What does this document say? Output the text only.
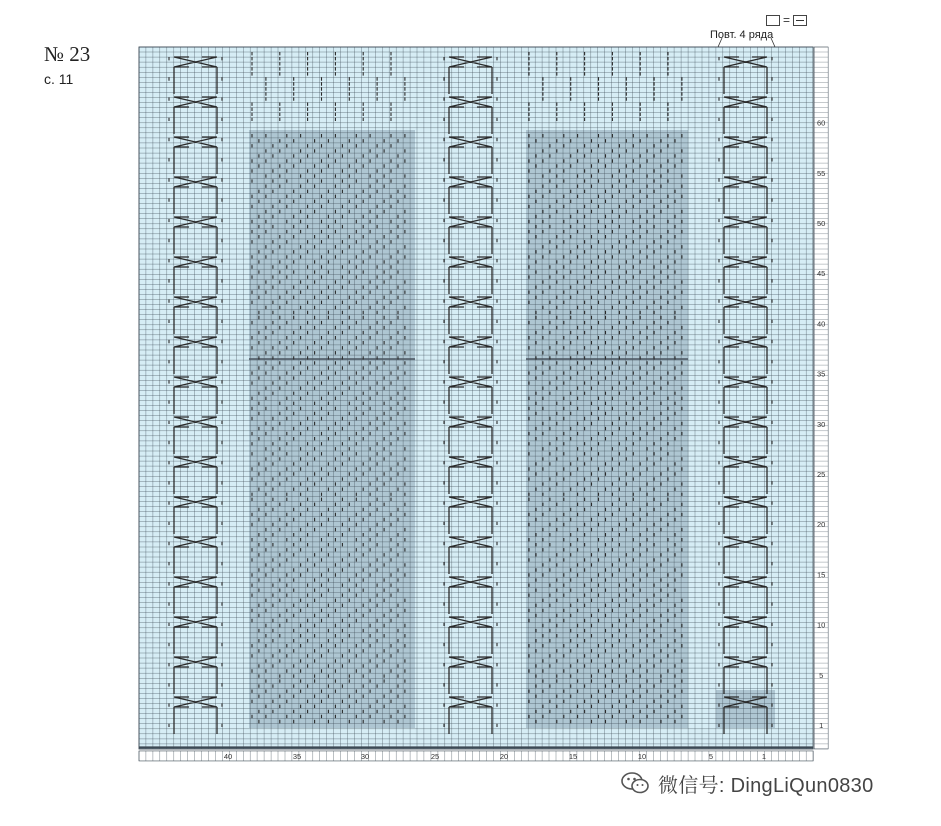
№ 23
с. 11
=
Повт. 4 ряда
1
5
10
15
20
25
30
35
40
45
50
55
60
40	35	30	25	20	15	10	5	1
微信号: DingLiQun0830
